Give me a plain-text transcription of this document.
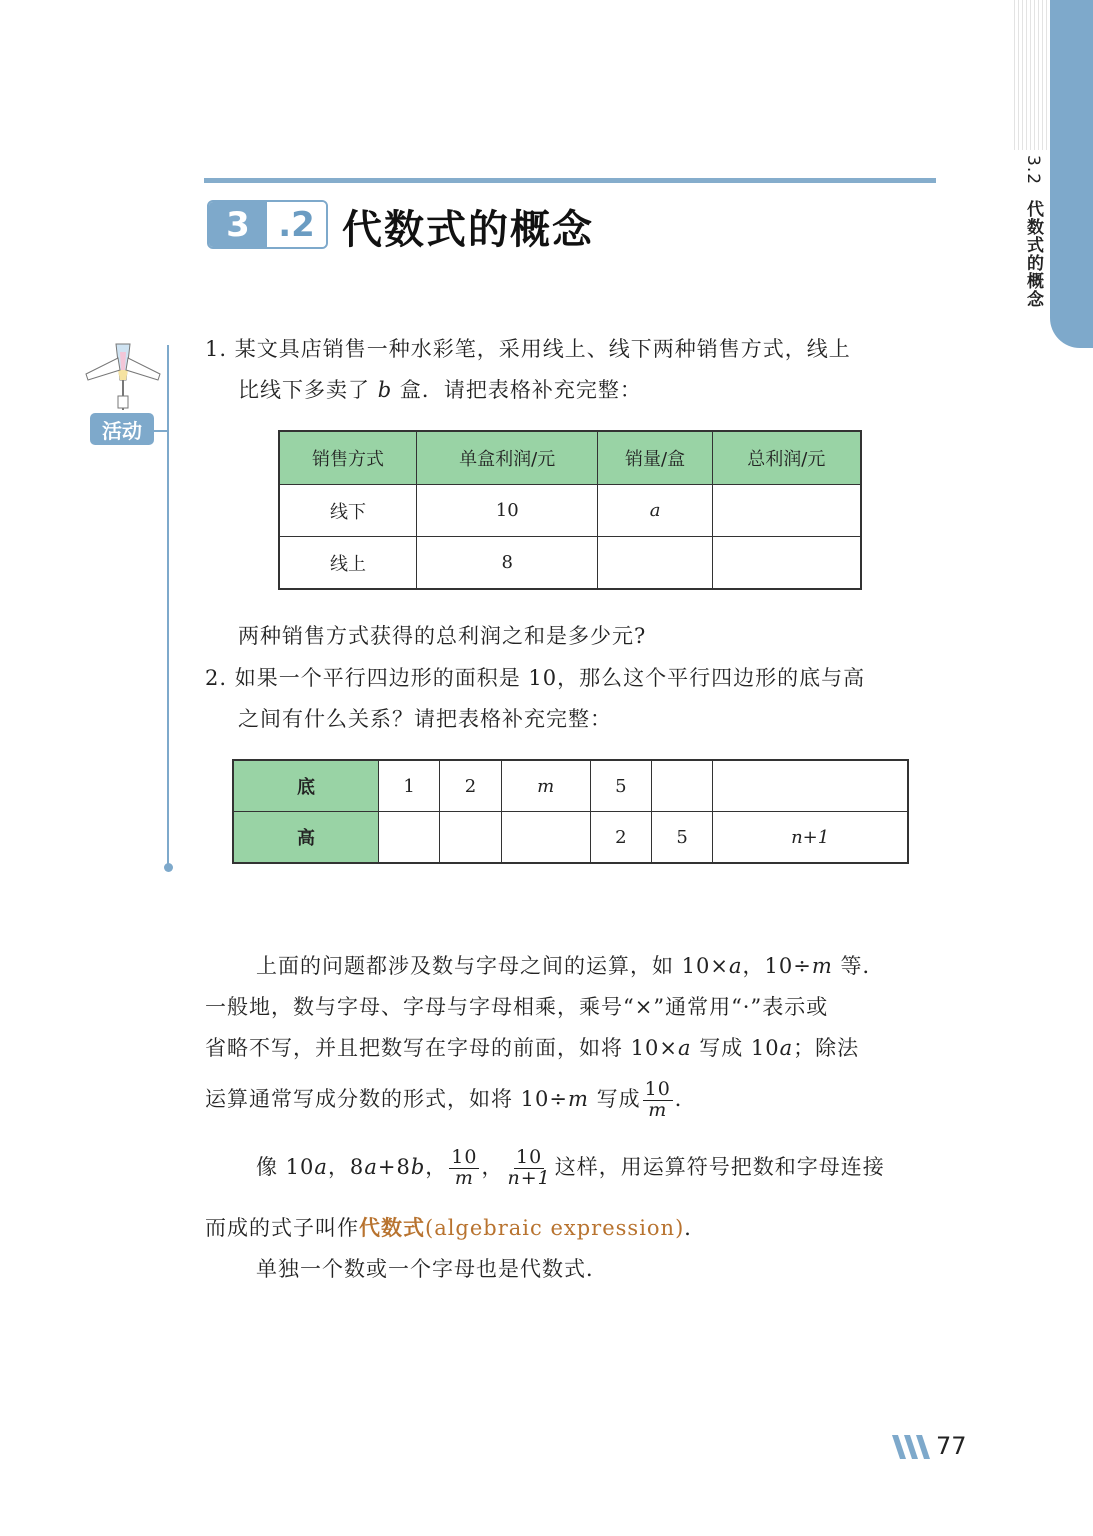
3.2 代数式的概念
3 .2 代数式的概念
活动
1. 某文具店销售一种水彩笔，采用线上、线下两种销售方式，线上
比线下多卖了 b 盒．请把表格补充完整：
销售方式	单盒利润/元	销量/盒	总利润/元
线下	10	a	
线上	8		
两种销售方式获得的总利润之和是多少元?
2. 如果一个平行四边形的面积是 10，那么这个平行四边形的底与高
之间有什么关系？请把表格补充完整：
底	1	2	m	5		
高				2	5	n+1
上面的问题都涉及数与字母之间的运算，如 10×a，10÷m 等．
一般地，数与字母、字母与字母相乘，乘号“×”通常用“·”表示或
省略不写，并且把数写在字母的前面，如将 10×a 写成 10a；除法
运算通常写成分数的形式，如将 10÷m 写成 $\frac{10}{m}$ ．
像 10a，8a+8b， $\frac{10}{m}$ ， $\frac{10}{n+1}$ 这样，用运算符号把数和字母连接
而成的式子叫作代数式(algebraic expression)．
单独一个数或一个字母也是代数式．
77
